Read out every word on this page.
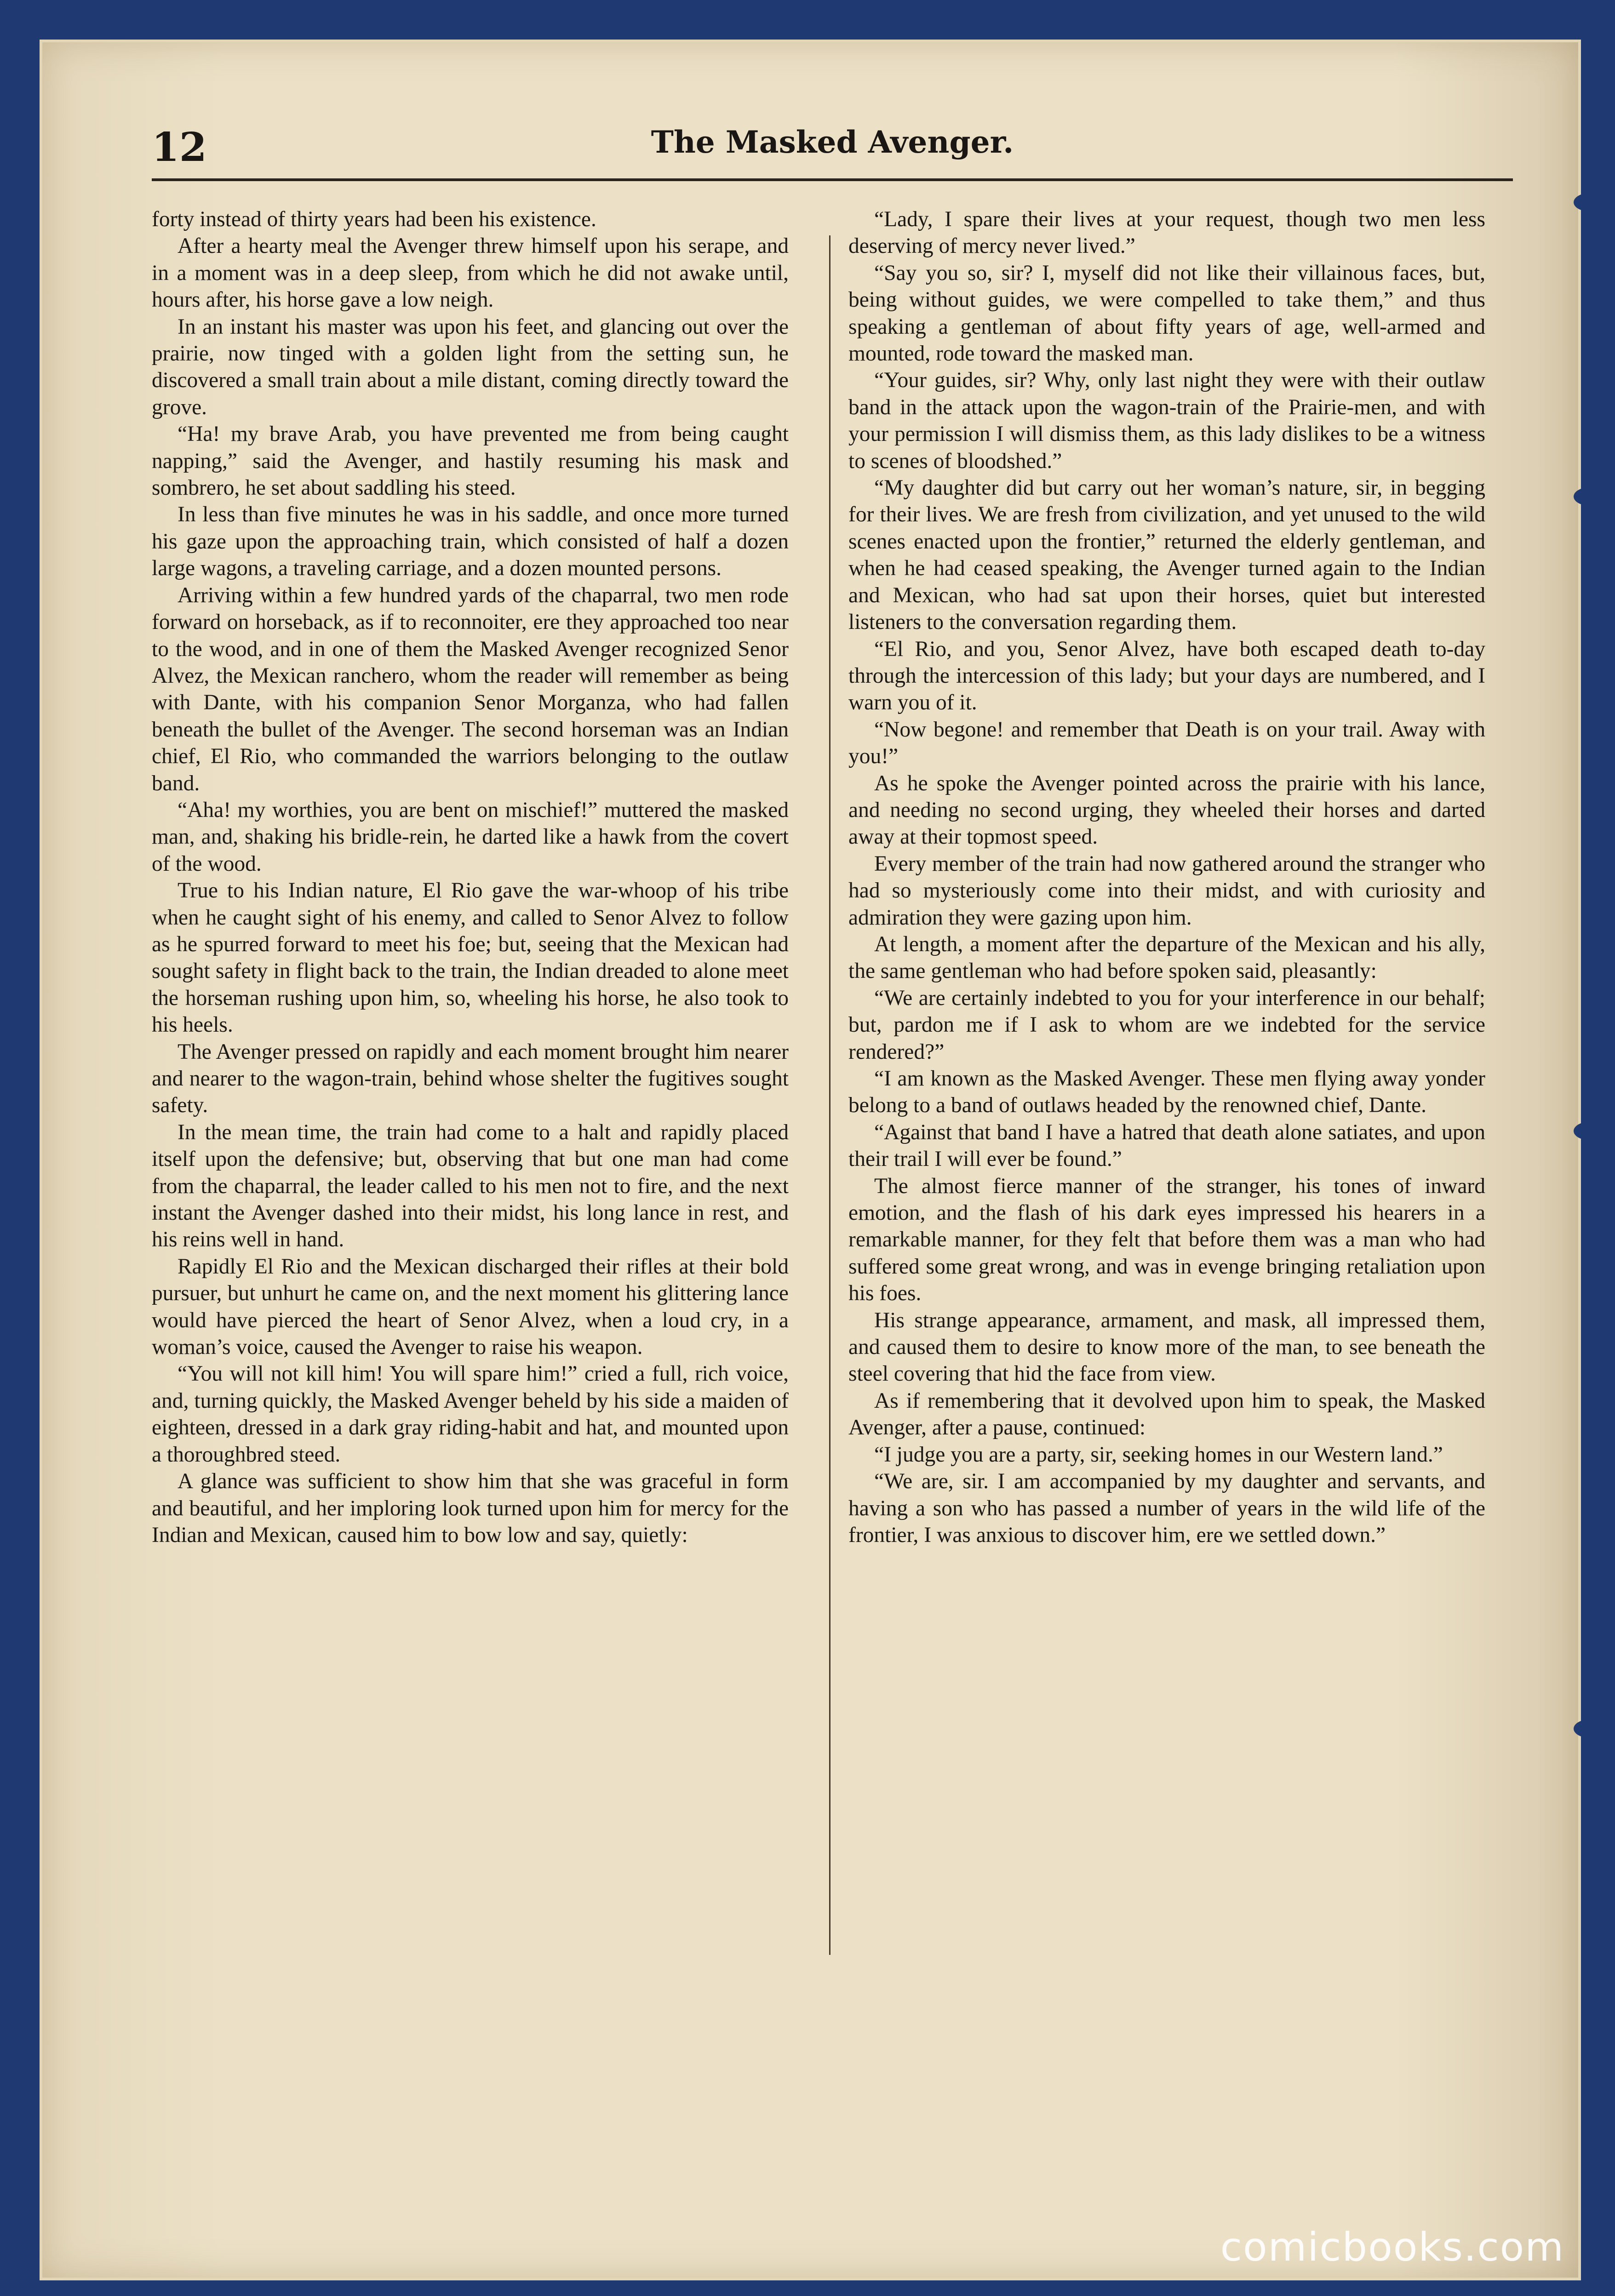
12	The Masked Avenger.

forty instead of thirty years had been his existence.

After a hearty meal the Avenger threw himself upon his serape, and in a moment was in a deep sleep, from which he did not awake until, hours after, his horse gave a low neigh.

In an instant his master was upon his feet, and glancing out over the prairie, now tinged with a golden light from the setting sun, he discovered a small train about a mile distant, coming directly toward the grove.

“Ha! my brave Arab, you have prevented me from being caught napping,” said the Avenger, and hastily resuming his mask and sombrero, he set about saddling his steed.

In less than five minutes he was in his saddle, and once more turned his gaze upon the approaching train, which consisted of half a dozen large wagons, a traveling carriage, and a dozen mounted persons.

Arriving within a few hundred yards of the chaparral, two men rode forward on horseback, as if to reconnoiter, ere they approached too near to the wood, and in one of them the Masked Avenger recognized Senor Alvez, the Mexican ranchero, whom the reader will remember as being with Dante, with his companion Senor Morganza, who had fallen beneath the bullet of the Avenger. The second horseman was an Indian chief, El Rio, who commanded the warriors belonging to the outlaw band.

“Aha! my worthies, you are bent on mischief!” muttered the masked man, and, shaking his bridle-rein, he darted like a hawk from the covert of the wood.

True to his Indian nature, El Rio gave the war-whoop of his tribe when he caught sight of his enemy, and called to Senor Alvez to follow as he spurred forward to meet his foe; but, seeing that the Mexican had sought safety in flight back to the train, the Indian dreaded to alone meet the horseman rushing upon him, so, wheeling his horse, he also took to his heels.

The Avenger pressed on rapidly and each moment brought him nearer and nearer to the wagon-train, behind whose shelter the fugitives sought safety.

In the mean time, the train had come to a halt and rapidly placed itself upon the defensive; but, observing that but one man had come from the chaparral, the leader called to his men not to fire, and the next instant the Avenger dashed into their midst, his long lance in rest, and his reins well in hand.

Rapidly El Rio and the Mexican discharged their rifles at their bold pursuer, but unhurt he came on, and the next moment his glittering lance would have pierced the heart of Senor Alvez, when a loud cry, in a woman’s voice, caused the Avenger to raise his weapon.

“You will not kill him! You will spare him!” cried a full, rich voice, and, turning quickly, the Masked Avenger beheld by his side a maiden of eighteen, dressed in a dark gray riding-habit and hat, and mounted upon a thoroughbred steed.

A glance was sufficient to show him that she was graceful in form and beautiful, and her imploring look turned upon him for mercy for the Indian and Mexican, caused him to bow low and say, quietly:

“Lady, I spare their lives at your request, though two men less deserving of mercy never lived.”

“Say you so, sir? I, myself did not like their villainous faces, but, being without guides, we were compelled to take them,” and thus speaking a gentleman of about fifty years of age, well-armed and mounted, rode toward the masked man.

“Your guides, sir? Why, only last night they were with their outlaw band in the attack upon the wagon-train of the Prairie-men, and with your permission I will dismiss them, as this lady dislikes to be a witness to scenes of bloodshed.”

“My daughter did but carry out her woman’s nature, sir, in begging for their lives. We are fresh from civilization, and yet unused to the wild scenes enacted upon the frontier,” returned the elderly gentleman, and when he had ceased speaking, the Avenger turned again to the Indian and Mexican, who had sat upon their horses, quiet but interested listeners to the conversation regarding them.

“El Rio, and you, Senor Alvez, have both escaped death to-day through the intercession of this lady; but your days are numbered, and I warn you of it.

“Now begone! and remember that Death is on your trail. Away with you!”

As he spoke the Avenger pointed across the prairie with his lance, and needing no second urging, they wheeled their horses and darted away at their topmost speed.

Every member of the train had now gathered around the stranger who had so mysteriously come into their midst, and with curiosity and admiration they were gazing upon him.

At length, a moment after the departure of the Mexican and his ally, the same gentleman who had before spoken said, pleasantly:

“We are certainly indebted to you for your interference in our behalf; but, pardon me if I ask to whom are we indebted for the service rendered?”

“I am known as the Masked Avenger. These men flying away yonder belong to a band of outlaws headed by the renowned chief, Dante.

“Against that band I have a hatred that death alone satiates, and upon their trail I will ever be found.”

The almost fierce manner of the stranger, his tones of inward emotion, and the flash of his dark eyes impressed his hearers in a remarkable manner, for they felt that before them was a man who had suffered some great wrong, and was in evenge bringing retaliation upon his foes.

His strange appearance, armament, and mask, all impressed them, and caused them to desire to know more of the man, to see beneath the steel covering that hid the face from view.

As if remembering that it devolved upon him to speak, the Masked Avenger, after a pause, continued:

“I judge you are a party, sir, seeking homes in our Western land.”

“We are, sir. I am accompanied by my daughter and servants, and having a son who has passed a number of years in the wild life of the frontier, I was anxious to discover him, ere we settled down.”

comicbooks.com
